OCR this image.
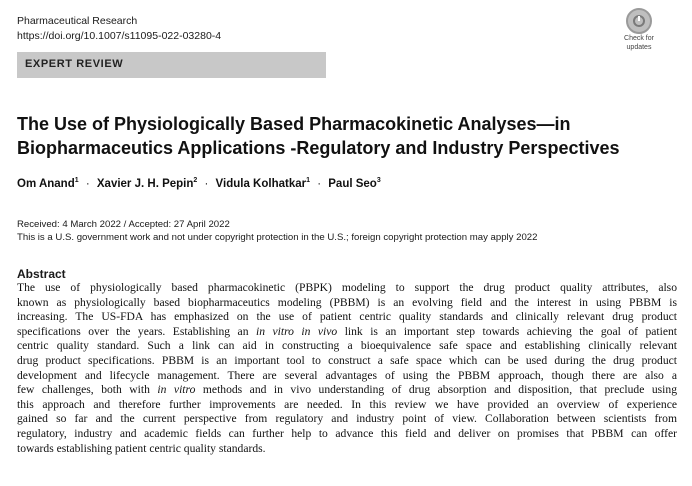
Pharmaceutical Research
https://doi.org/10.1007/s11095-022-03280-4	Check for
updates
EXPERT REVIEW
The Use of Physiologically Based Pharmacokinetic Analyses—in
Biopharmaceutics Applications -Regulatory and Industry Perspectives
Om Anand$^1$ · Xavier J. H. Pepin$^2$ · Vidula Kolhatkar$^1$ · Paul Seo$^3$
Received: 4 March 2022 / Accepted: 27 April 2022
This is a U.S. government work and not under copyright protection in the U.S.; foreign copyright protection may apply 2022
Abstract
The use of physiologically based pharmacokinetic (PBPK) modeling to support the drug product quality attributes, also
known as physiologically based biopharmaceutics modeling (PBBM) is an evolving field and the interest in using PBBM is
increasing. The US-FDA has emphasized on the use of patient centric quality standards and clinically relevant drug product
specifications over the years. Establishing an in vitro in vivo link is an important step towards achieving the goal of patient
centric quality standard. Such a link can aid in constructing a bioequivalence safe space and establishing clinically relevant
drug product specifications. PBBM is an important tool to construct a safe space which can be used during the drug product
development and lifecycle management. There are several advantages of using the PBBM approach, though there are also a
few challenges, both with in vitro methods and in vivo understanding of drug absorption and disposition, that preclude using
this approach and therefore further improvements are needed. In this review we have provided an overview of experience
gained so far and the current perspective from regulatory and industry point of view. Collaboration between scientists from
regulatory, industry and academic fields can further help to advance this field and deliver on promises that PBBM can offer
towards establishing patient centric quality standards.
